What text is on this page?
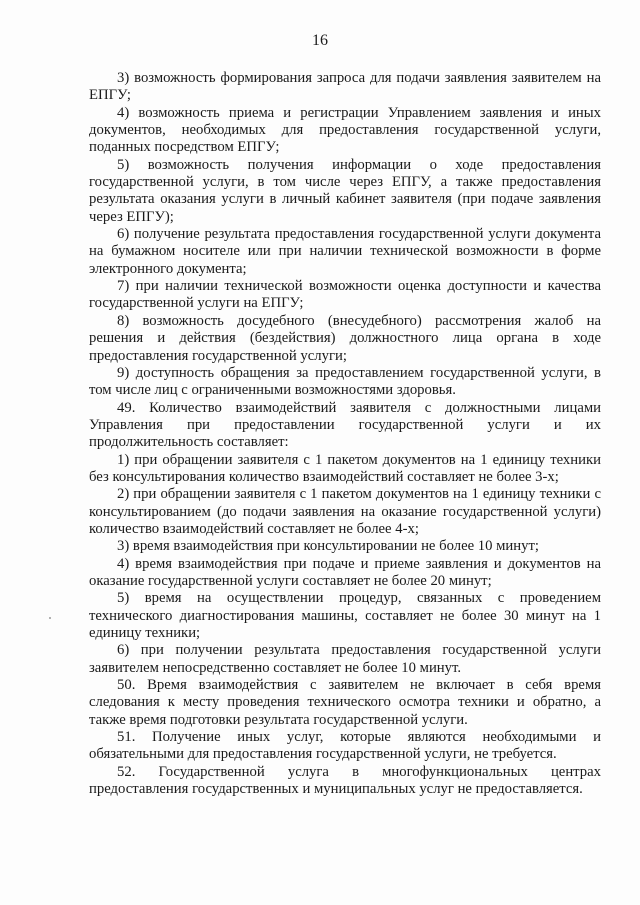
16

3) возможность формирования запроса для подачи заявления заявителем на ЕПГУ;

4) возможность приема и регистрации Управлением заявления и иных документов, необходимых для предоставления государственной услуги, поданных посредством ЕПГУ;

5) возможность получения информации о ходе предоставления государственной услуги, в том числе через ЕПГУ, а также предоставления результата оказания услуги в личный кабинет заявителя (при подаче заявления через ЕПГУ);

6) получение результата предоставления государственной услуги документа на бумажном носителе или при наличии технической возможности в форме электронного документа;

7) при наличии технической возможности оценка доступности и качества государственной услуги на ЕПГУ;

8) возможность досудебного (внесудебного) рассмотрения жалоб на решения и действия (бездействия) должностного лица органа в ходе предоставления государственной услуги;

9) доступность обращения за предоставлением государственной услуги, в том числе лиц с ограниченными возможностями здоровья.

49. Количество взаимодействий заявителя с должностными лицами Управления при предоставлении государственной услуги и их продолжительность составляет:

1) при обращении заявителя с 1 пакетом документов на 1 единицу техники без консультирования количество взаимодействий составляет не более 3-х;

2) при обращении заявителя с 1 пакетом документов на 1 единицу техники с консультированием (до подачи заявления на оказание государственной услуги) количество взаимодействий составляет не более 4-х;

3) время взаимодействия при консультировании не более 10 минут;

4) время взаимодействия при подаче и приеме заявления и документов на оказание государственной услуги составляет не более 20 минут;

5) время на осуществлении процедур, связанных с проведением технического диагностирования машины, составляет не более 30 минут на 1 единицу техники;

6) при получении результата предоставления государственной услуги заявителем непосредственно составляет не более 10 минут.

50. Время взаимодействия с заявителем не включает в себя время следования к месту проведения технического осмотра техники и обратно, а также время подготовки результата государственной услуги.

51. Получение иных услуг, которые являются необходимыми и обязательными для предоставления государственной услуги, не требуется.

52. Государственной услуга в многофункциональных центрах предоставления государственных и муниципальных услуг не предоставляется.
